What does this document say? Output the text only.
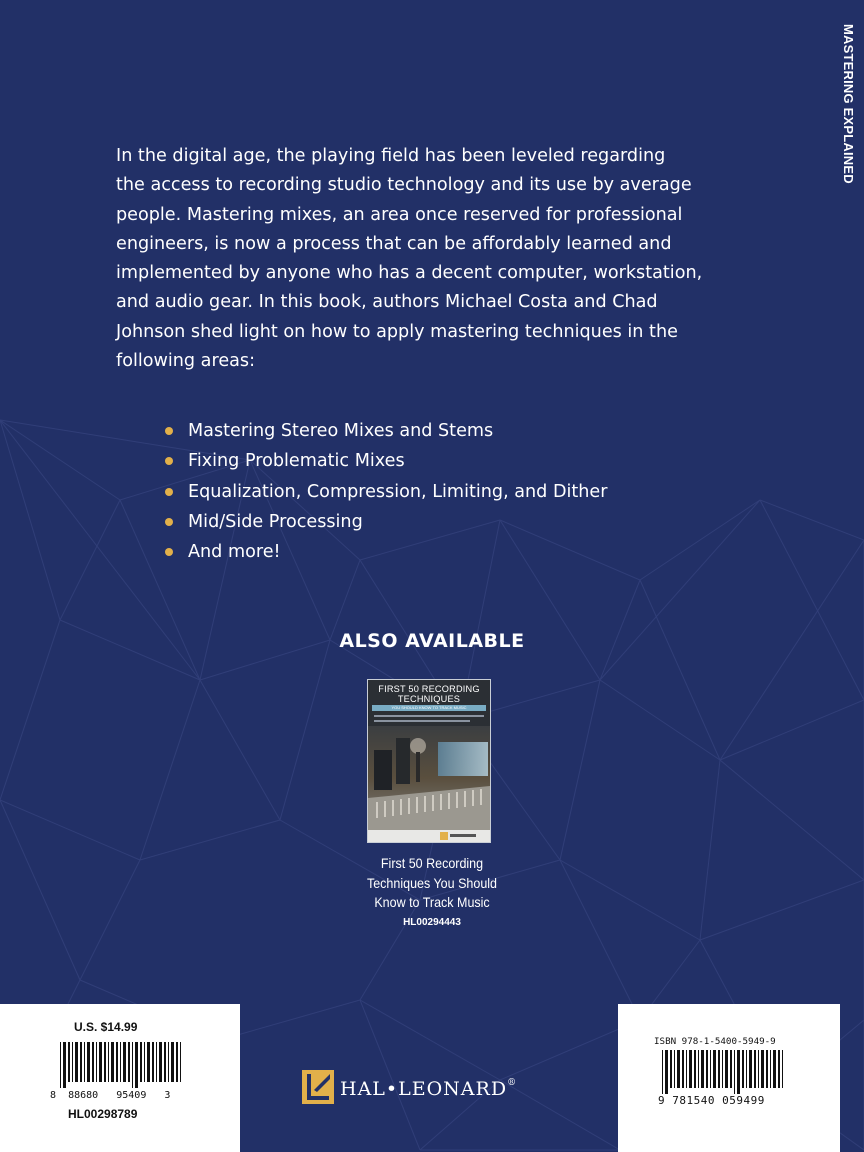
MASTERING EXPLAINED

In the digital age, the playing field has been leveled regarding
the access to recording studio technology and its use by average
people. Mastering mixes, an area once reserved for professional
engineers, is now a process that can be affordably learned and
implemented by anyone who has a decent computer, workstation,
and audio gear. In this book, authors Michael Costa and Chad
Johnson shed light on how to apply mastering techniques in the
following areas:

Mastering Stereo Mixes and Stems
Fixing Problematic Mixes
Equalization, Compression, Limiting, and Dither
Mid/Side Processing
And more!
ALSO AVAILABLE
FIRST 50 RECORDING
TECHNIQUES
YOU SHOULD KNOW TO TRACK MUSIC

First 50 Recording
Techniques You Should
Know to Track Music

HL00294443
U.S. $14.99
8 88680 95409 3
HL00298789
HAL•LEONARD®
ISBN 978-1-5400-5949-9
9 781540 059499
